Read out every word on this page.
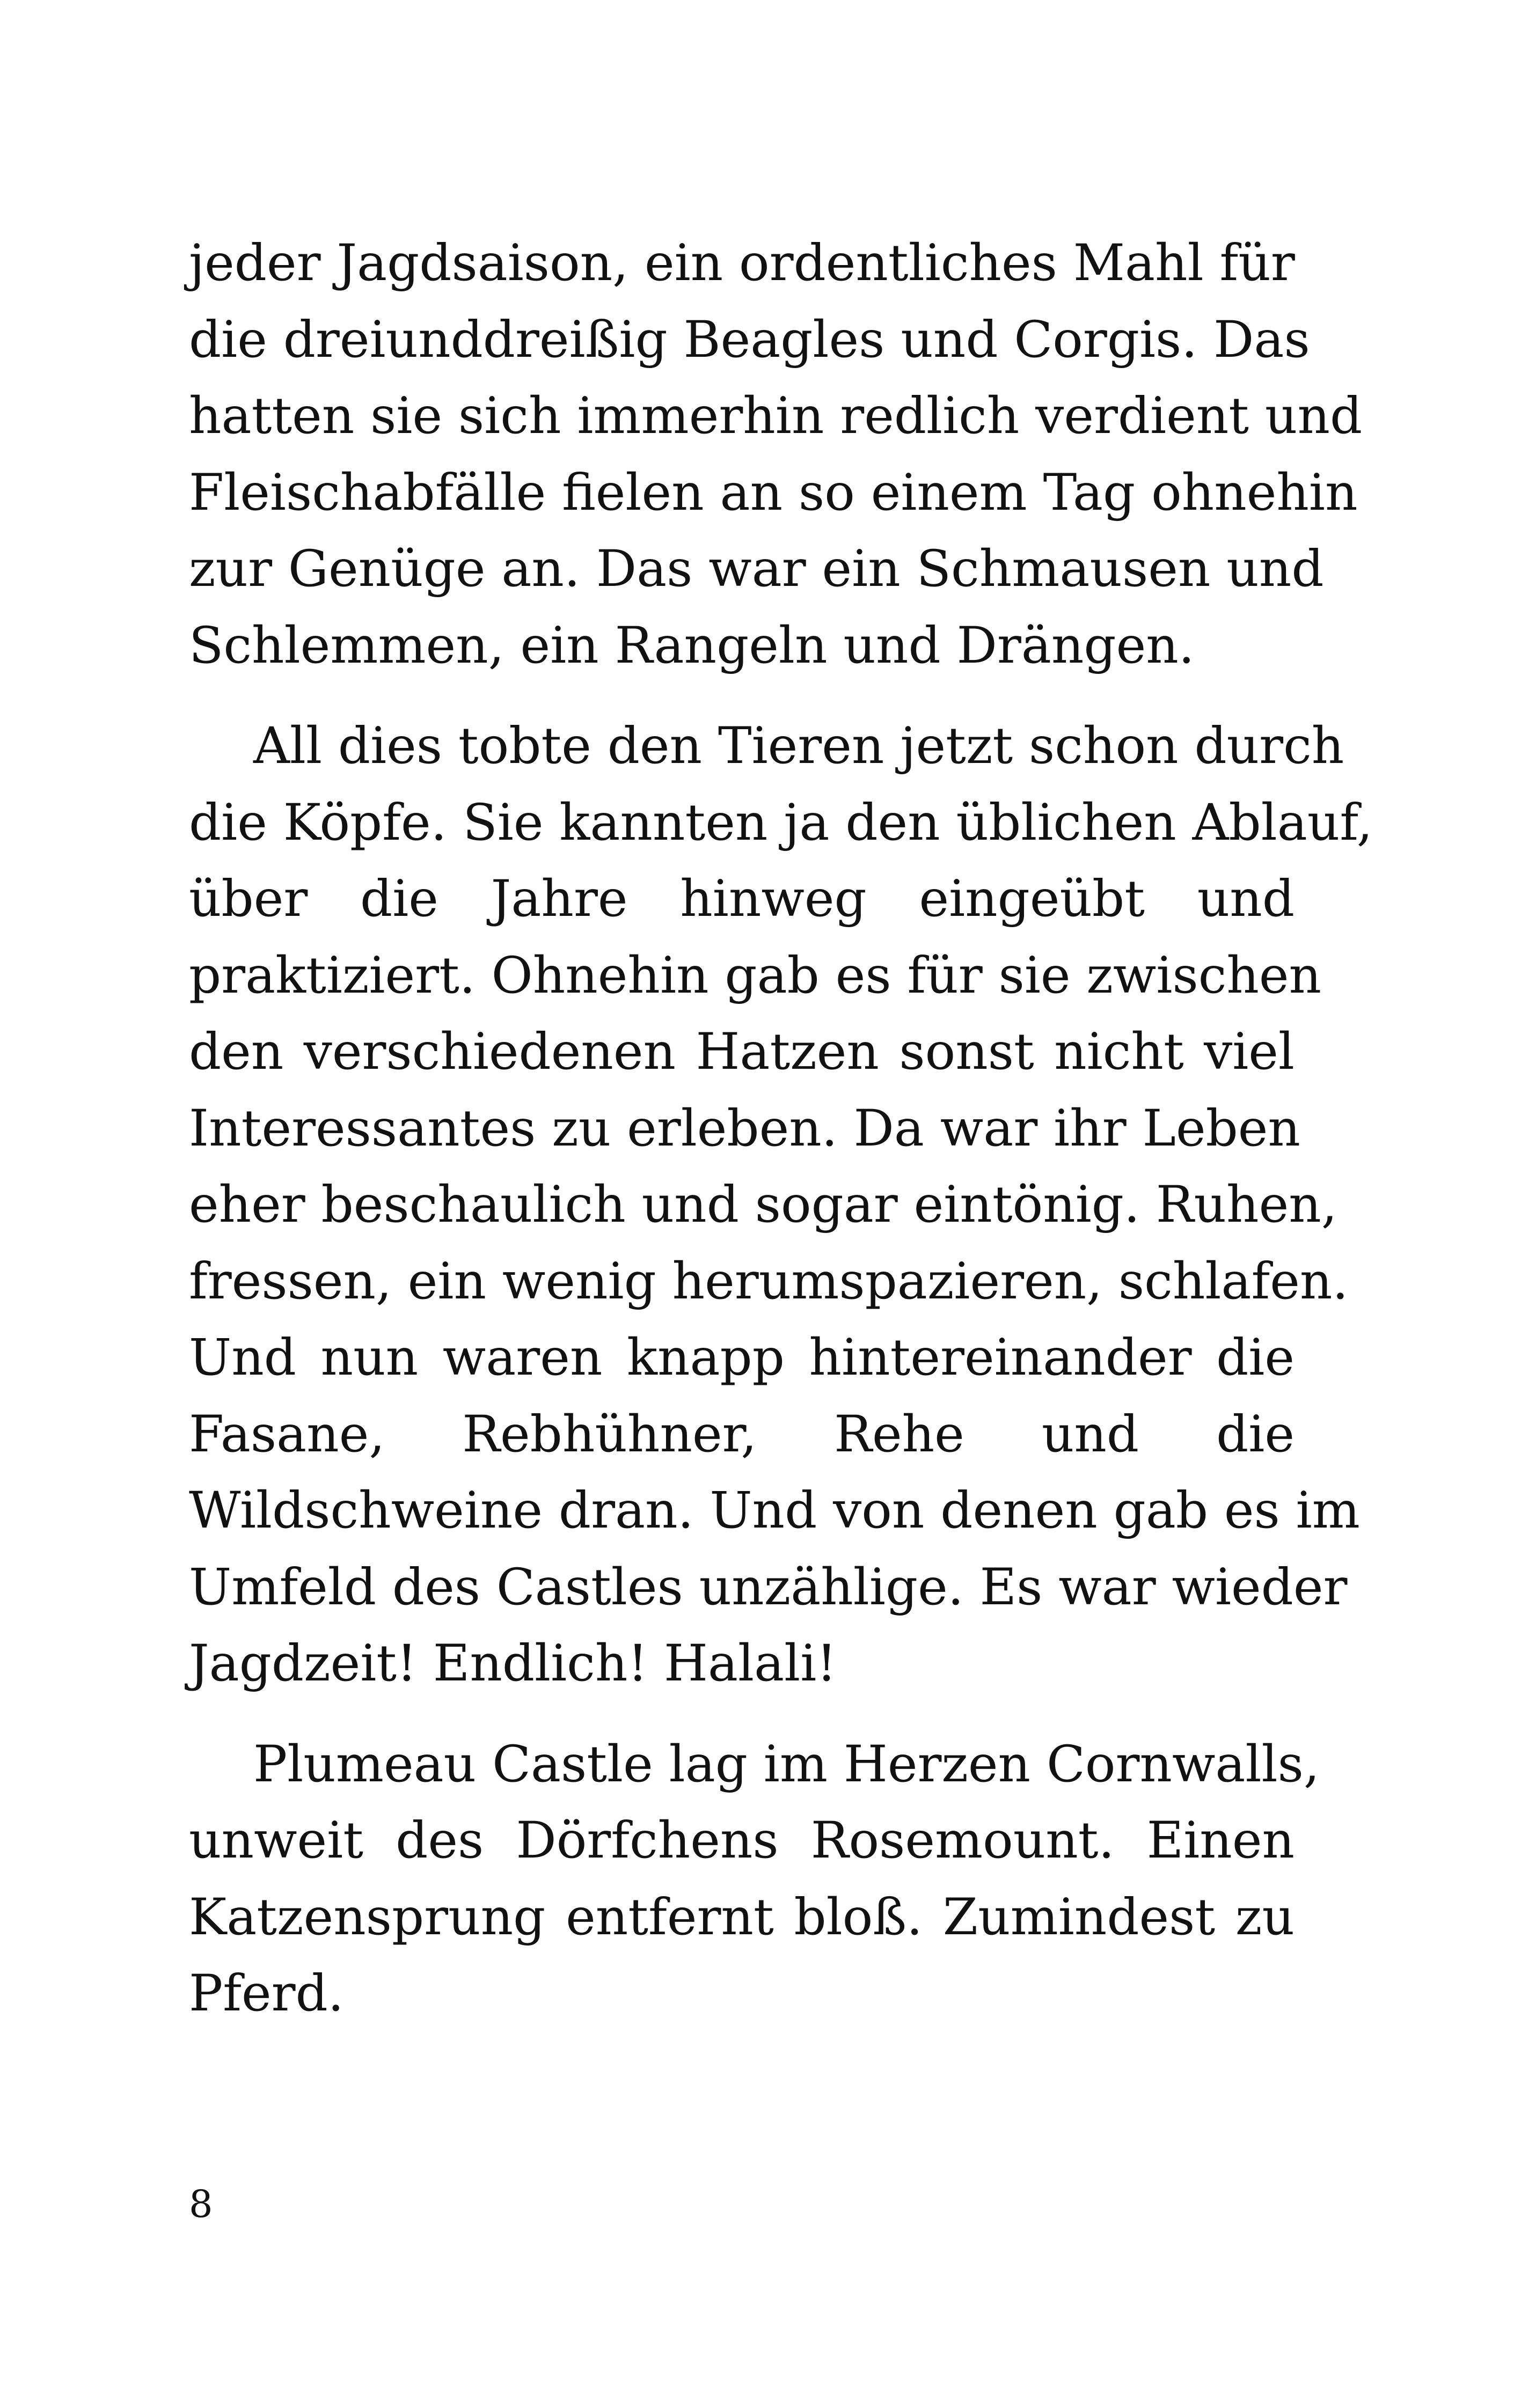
jeder Jagdsaison, ein ordentliches Mahl für
die dreiunddreißig Beagles und Corgis. Das
hatten sie sich immerhin redlich verdient und
Fleischabfälle fielen an so einem Tag ohnehin
zur Genüge an. Das war ein Schmausen und
Schlemmen, ein Rangeln und Drängen.
All dies tobte den Tieren jetzt schon durch
die Köpfe. Sie kannten ja den üblichen Ablauf,
über die Jahre hinweg eingeübt und
praktiziert. Ohnehin gab es für sie zwischen
den verschiedenen Hatzen sonst nicht viel
Interessantes zu erleben. Da war ihr Leben
eher beschaulich und sogar eintönig. Ruhen,
fressen, ein wenig herumspazieren, schlafen.
Und nun waren knapp hintereinander die
Fasane, Rebhühner, Rehe und die
Wildschweine dran. Und von denen gab es im
Umfeld des Castles unzählige. Es war wieder
Jagdzeit! Endlich! Halali!
Plumeau Castle lag im Herzen Cornwalls,
unweit des Dörfchens Rosemount. Einen
Katzensprung entfernt bloß. Zumindest zu
Pferd.
8
